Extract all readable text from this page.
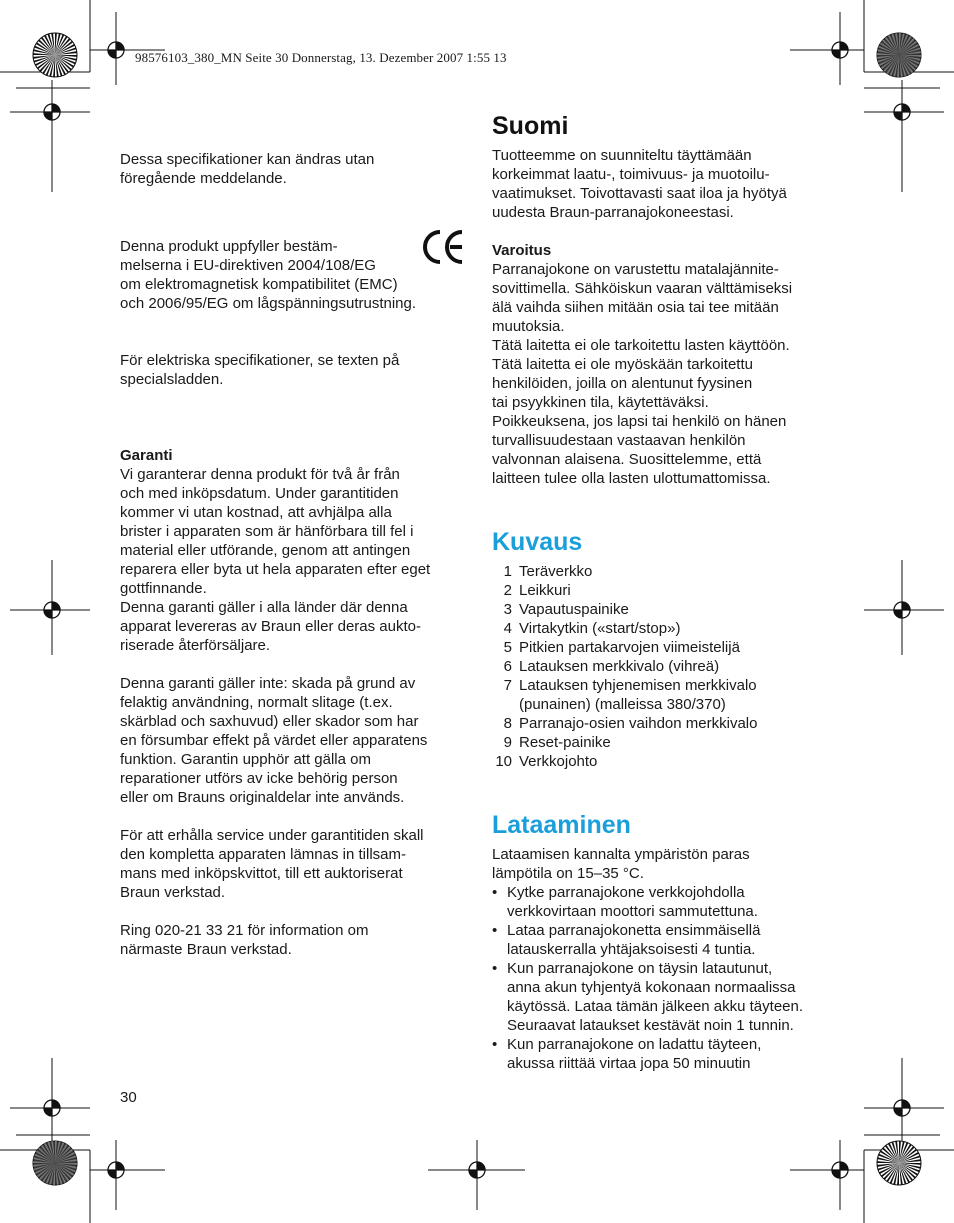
98576103_380_MN Seite 30 Donnerstag, 13. Dezember 2007 1:55 13

Dessa specifikationer kan ändras utan

föregående meddelande.

Denna produkt uppfyller bestäm-

melserna i EU-direktiven 2004/108/EG

om elektromagnetisk kompatibilitet (EMC)

och 2006/95/EG om lågspänningsutrustning.

För elektriska specifikationer, se texten på

specialsladden.

Garanti

Vi garanterar denna produkt för två år från

och med inköpsdatum. Under garantitiden

kommer vi utan kostnad, att avhjälpa alla

brister i apparaten som är hänförbara till fel i

material eller utförande, genom att antingen

reparera eller byta ut hela apparaten efter eget

gottfinnande.

Denna garanti gäller i alla länder där denna

apparat levereras av Braun eller deras aukto-

riserade återförsäljare.

Denna garanti gäller inte: skada på grund av

felaktig användning, normalt slitage (t.ex.

skärblad och saxhuvud) eller skador som har

en försumbar effekt på värdet eller apparatens

funktion. Garantin upphör att gälla om

reparationer utförs av icke behörig person

eller om Brauns originaldelar inte används.

För att erhålla service under garantitiden skall

den kompletta apparaten lämnas in tillsam-

mans med inköpskvittot, till ett auktoriserat

Braun verkstad.

Ring 020-21 33 21 för information om

närmaste Braun verkstad.

30
Suomi

Tuotteemme on suunniteltu täyttämään

korkeimmat laatu-, toimivuus- ja muotoilu-

vaatimukset. Toivottavasti saat iloa ja hyötyä

uudesta Braun-parranajokoneestasi.

Varoitus

Parranajokone on varustettu matalajännite-

sovittimella. Sähköiskun vaaran välttämiseksi

älä vaihda siihen mitään osia tai tee mitään

muutoksia.

Tätä laitetta ei ole tarkoitettu lasten käyttöön.

Tätä laitetta ei ole myöskään tarkoitettu

henkilöiden, joilla on alentunut fyysinen

tai psyykkinen tila, käytettäväksi.

Poikkeuksena, jos lapsi tai henkilö on hänen

turvallisuudestaan vastaavan henkilön

valvonnan alaisena. Suosittelemme, että

laitteen tulee olla lasten ulottumattomissa.

Kuvaus
1 Teräverkko
2 Leikkuri
3 Vapautuspainike
4 Virtakytkin («start/stop»)
5 Pitkien partakarvojen viimeistelijä
6 Latauksen merkkivalo (vihreä)
7 Latauksen tyhjenemisen merkkivalo
(punainen) (malleissa 380/370)
8 Parranajo-osien vaihdon merkkivalo
9 Reset-painike
10 Verkkojohto
Lataaminen

Lataamisen kannalta ympäristön paras

lämpötila on 15–35 °C.

• Kytke parranajokone verkkojohdolla
verkkovirtaan moottori sammutettuna.
• Lataa parranajokonetta ensimmäisellä
latauskerralla yhtäjaksoisesti 4 tuntia.
• Kun parranajokone on täysin latautunut,
anna akun tyhjentyä kokonaan normaalissa
käytössä. Lataa tämän jälkeen akku täyteen.
Seuraavat lataukset kestävät noin 1 tunnin.
• Kun parranajokone on ladattu täyteen,
akussa riittää virtaa jopa 50 minuutin
